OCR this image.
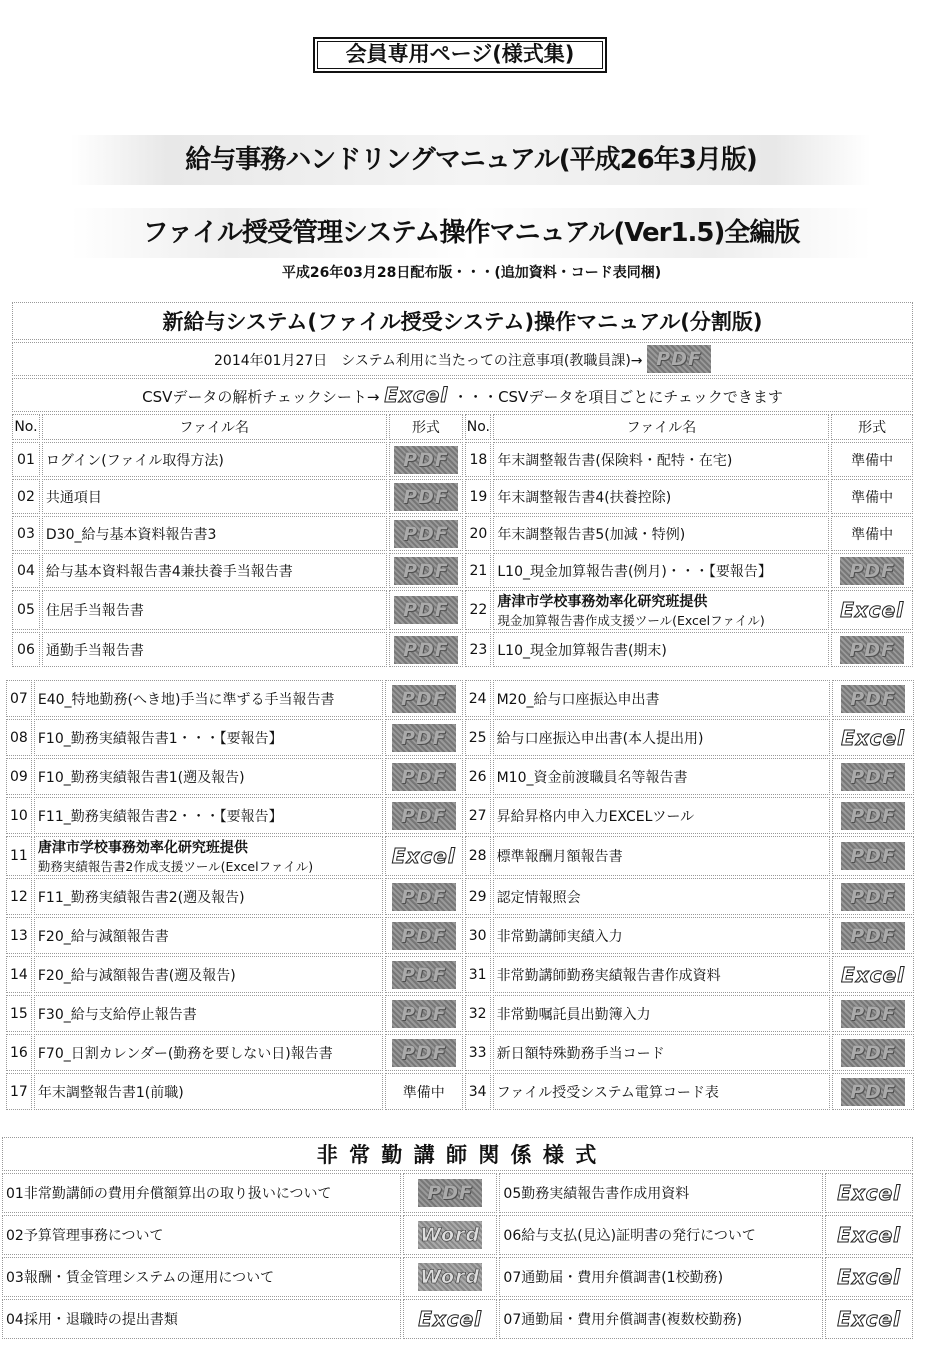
会員専用ページ(様式集)
給与事務ハンドリングマニュアル(平成26年3月版)
ファイル授受管理システム操作マニュアル(Ver1.5)全編版
平成26年03月28日配布版・・・(追加資料・コード表同梱)
新給与システム(ファイル授受システム)操作マニュアル(分割版)					
2014年01月27日　システム利用に当たっての注意事項(教職員課)→ PDF					
CSVデータの解析チェックシート→ Excel ・・・CSVデータを項目ごとにチェックできます					
No.	ファイル名	形式	No.	ファイル名	形式
01	ログイン(ファイル取得方法)	PDF	18	年末調整報告書(保険料・配特・在宅)	準備中
02	共通項目	PDF	19	年末調整報告書4(扶養控除)	準備中
03	D30_給与基本資料報告書3	PDF	20	年末調整報告書5(加減・特例)	準備中
04	給与基本資料報告書4兼扶養手当報告書	PDF	21	L10_現金加算報告書(例月)・・・【要報告】	PDF
05	住居手当報告書	PDF	22	唐津市学校事務効率化研究班提供
現金加算報告書作成支援ツール(Excelファイル)	Excel
06	通勤手当報告書	PDF	23	L10_現金加算報告書(期末)	PDF
07	E40_特地勤務(へき地)手当に準ずる手当報告書	PDF	24	M20_給与口座振込申出書	PDF
08	F10_勤務実績報告書1・・・【要報告】	PDF	25	給与口座振込申出書(本人提出用)	Excel
09	F10_勤務実績報告書1(遡及報告)	PDF	26	M10_資金前渡職員名等報告書	PDF
10	F11_勤務実績報告書2・・・【要報告】	PDF	27	昇給昇格内申入力EXCELツール	PDF
11	唐津市学校事務効率化研究班提供
勤務実績報告書2作成支援ツール(Excelファイル)	Excel	28	標準報酬月額報告書	PDF
12	F11_勤務実績報告書2(遡及報告)	PDF	29	認定情報照会	PDF
13	F20_給与減額報告書	PDF	30	非常勤講師実績入力	PDF
14	F20_給与減額報告書(遡及報告)	PDF	31	非常勤講師勤務実績報告書作成資料	Excel
15	F30_給与支給停止報告書	PDF	32	非常勤嘱託員出勤簿入力	PDF
16	F70_日割カレンダー(勤務を要しない日)報告書	PDF	33	新日額特殊勤務手当コード	PDF
17	年末調整報告書1(前職)	準備中	34	ファイル授受システム電算コード表	PDF
非 常 勤 講 師 関 係 様 式			
01非常勤講師の費用弁償額算出の取り扱いについて	PDF	05勤務実績報告書作成用資料	Excel
02予算管理事務について	Word	06給与支払(見込)証明書の発行について	Excel
03報酬・賃金管理システムの運用について	Word	07通勤届・費用弁償調書(1校勤務)	Excel
04採用・退職時の提出書類	Excel	07通勤届・費用弁償調書(複数校勤務)	Excel
